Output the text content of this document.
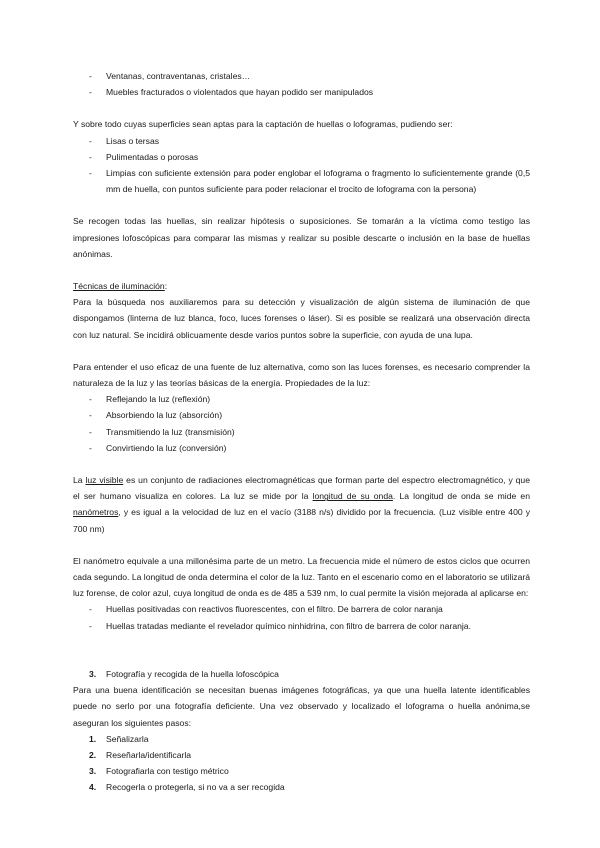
- Ventanas, contraventanas, cristales…
- Muebles fracturados o violentados que hayan podido ser manipulados

Y sobre todo cuyas superficies sean aptas para la captación de huellas o lofogramas, pudiendo ser:

- Lisas o tersas
- Pulimentadas o porosas
- Limpias con suficiente extensión para poder englobar el lofograma o fragmento lo suficientemente grande (0,5 mm de huella, con puntos suficiente para poder relacionar el trocito de lofograma con la persona)

Se recogen todas las huellas, sin realizar hipótesis o suposiciones. Se tomarán a la víctima como testigo las impresiones lofoscópicas para comparar las mismas y realizar su posible descarte o inclusión en la base de huellas anónimas.

Técnicas de iluminación:

Para la búsqueda nos auxiliaremos para su detección y visualización de algún sistema de iluminación de que dispongamos (linterna de luz blanca, foco, luces forenses o láser). Si es posible se realizará una observación directa con luz natural. Se incidirá oblicuamente desde varios puntos sobre la superficie, con ayuda de una lupa.

Para entender el uso eficaz de una fuente de luz alternativa, como son las luces forenses, es necesario comprender la naturaleza de la luz y las teorías básicas de la energía. Propiedades de la luz:

- Reflejando la luz (reflexión)
- Absorbiendo la luz (absorción)
- Transmitiendo la luz (transmisión)
- Convirtiendo la luz (conversión)

La luz visible es un conjunto de radiaciones electromagnéticas que forman parte del espectro electromagnético, y que el ser humano visualiza en colores. La luz se mide por la longitud de su onda. La longitud de onda se mide en nanómetros, y es igual a la velocidad de luz en el vacío (3188 n/s) dividido por la frecuencia. (Luz visible entre 400 y 700 nm)

El nanómetro equivale a una millonésima parte de un metro. La frecuencia mide el número de estos ciclos que ocurren cada segundo. La longitud de onda determina el color de la luz. Tanto en el escenario como en el laboratorio se utilizará luz forense, de color azul, cuya longitud de onda es de 485 a 539 nm, lo cual permite la visión mejorada al aplicarse en:

- Huellas positivadas con reactivos fluorescentes, con el filtro. De barrera de color naranja
- Huellas tratadas mediante el revelador químico ninhidrina, con filtro de barrera de color naranja.

3. Fotografía y recogida de la huella lofoscópica

Para una buena identificación se necesitan buenas imágenes fotográficas, ya que una huella latente identificables puede no serlo por una fotografía deficiente. Una vez observado y localizado el lofograma o huella anónima,se aseguran los siguientes pasos:

1. Señalizarla
2. Reseñarla/identificarla
3. Fotografiarla con testigo métrico
4. Recogerla o protegerla, si no va a ser recogida
